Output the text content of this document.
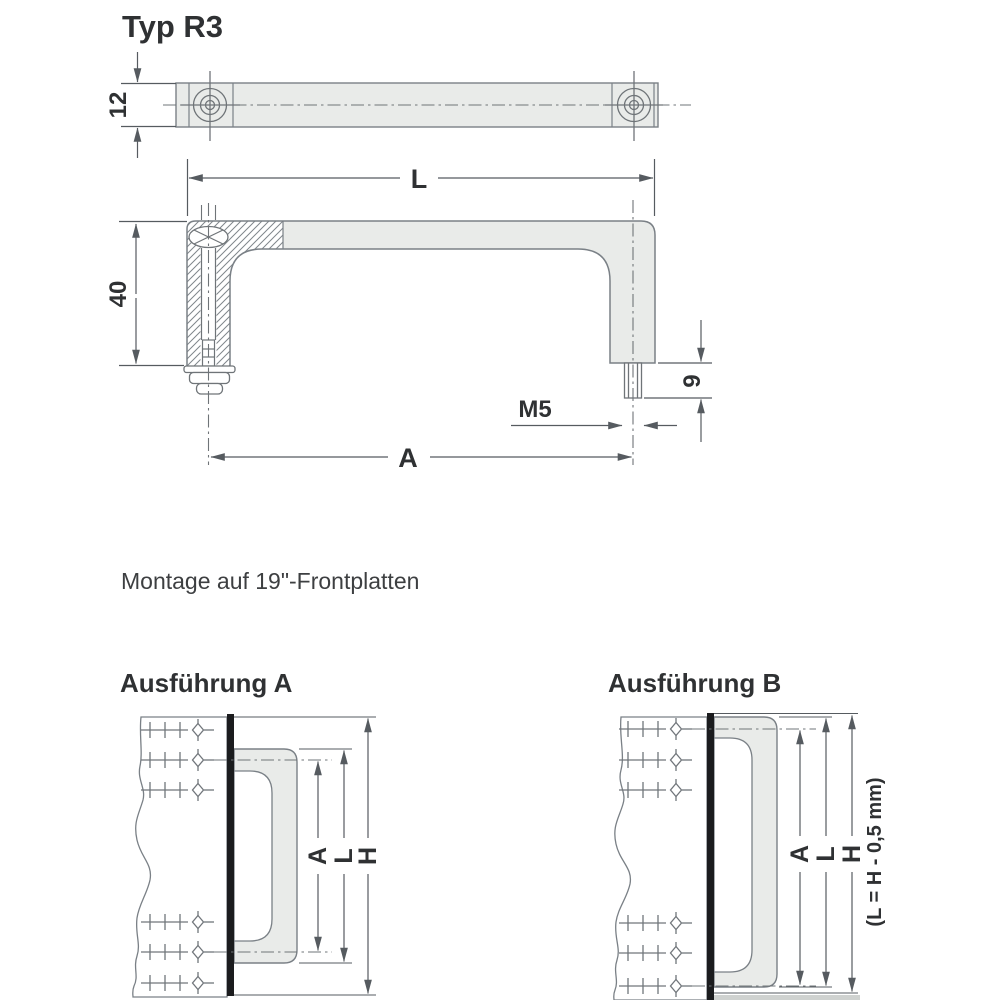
Typ R3
12
L
40
A
M5
9
Montage auf 19"-Frontplatten
Ausführung A	Ausführung B
A
L
H	A
L
H
(L = H - 0,5 mm)
